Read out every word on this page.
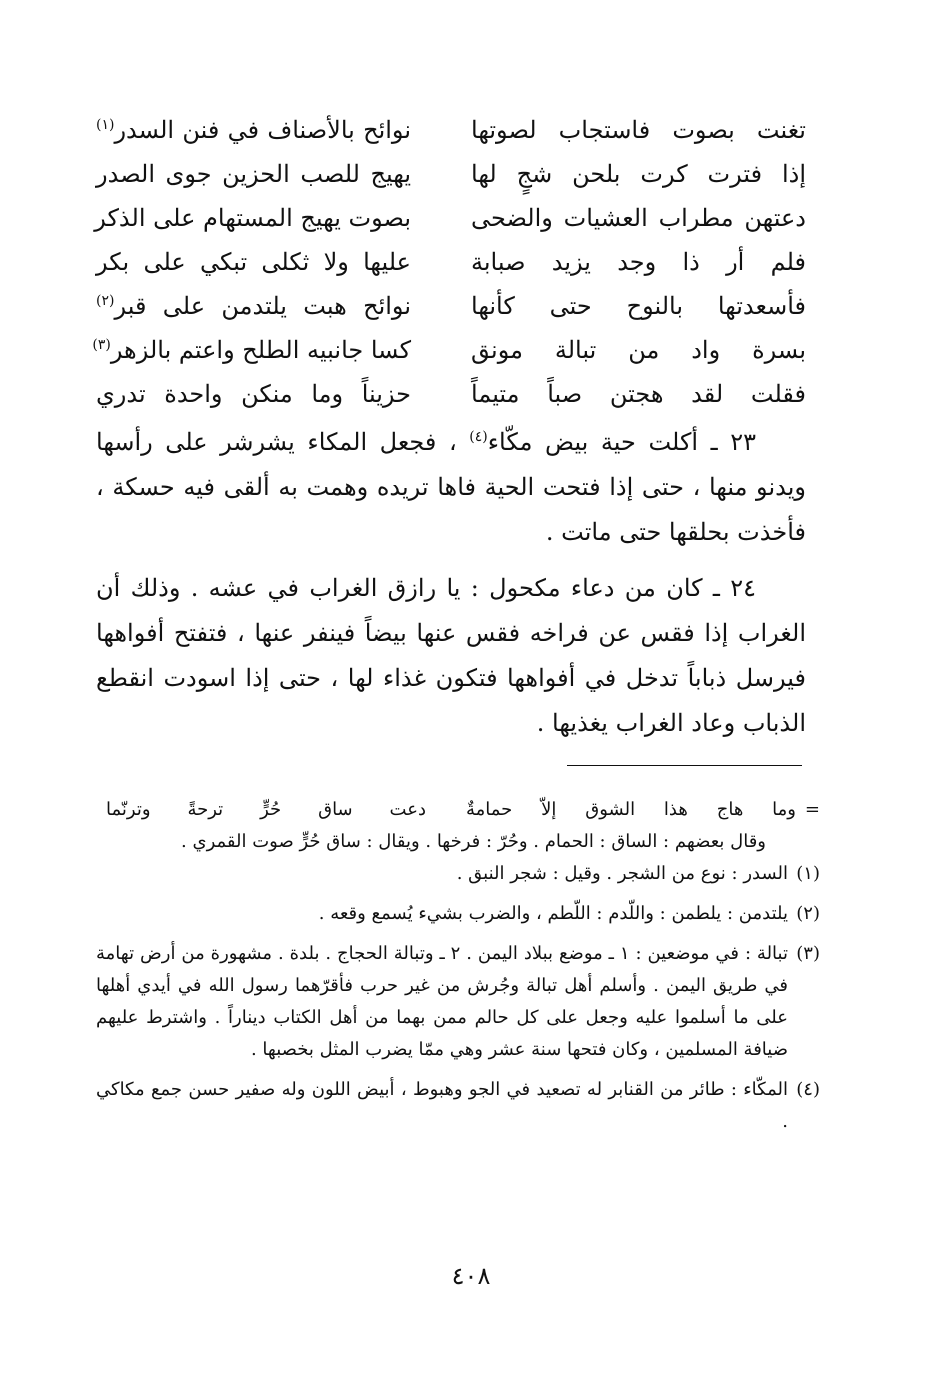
تغنت بصوت فاستجاب لصوتها
نوائح بالأصناف في فنن السدر$^{(١)}$
إذا فترت كرت بلحن شجٍ لها
يهيج للصب الحزين جوى الصدر
دعتهن مطراب العشيات والضحى
بصوت يهيج المستهام على الذكر
فلم أر ذا وجد يزيد صبابة
عليها ولا ثكلى تبكي على بكر
فأسعدتها بالنوح حتى كأنها
نوائح هبت يلتدمن على قبر$^{(٢)}$
بسرة واد من تبالة مونق
كسا جانبيه الطلح واعتم بالزهر$^{(٣)}$
فقلت لقد هجتن صباً متيماً
حزيناً وما منكن واحدة تدري

٢٣ ـ أكلت حية بيض مكّاء$^{(٤)}$ ، فجعل المكاء يشرشر على رأسها ويدنو منها ، حتى إذا فتحت الحية فاها تريده وهمت به ألقى فيه حسكة ، فأخذت بحلقها حتى ماتت .

٢٤ ـ كان من دعاء مكحول : يا رازق الغراب في عشه . وذلك أن الغراب إذا فقس عن فراخه فقس عنها بيضاً فينفر عنها ، فتفتح أفواهها فيرسل ذباباً تدخل في أفواهها فتكون غذاء لها ، حتى إذا اسودت انقطع الذباب وعاد الغراب يغذيها .

=
وما هاج هذا الشوق إلاّ حمامةٌ
دعت ساق حُرٍّ ترحةً وترنّما
وقال بعضهم : الساق : الحمام . وحُرّ : فرخها . ويقال : ساق حُرٍّ صوت القمري .
(١)
السدر : نوع من الشجر . وقيل : شجر النبق .
(٢)
يلتدمن : يلطمن : واللّدم : اللّطم ، والضرب بشيء يُسمع وقعه .
(٣)
تبالة : في موضعين : ١ ـ موضع ببلاد اليمن . ٢ ـ وتبالة الحجاج . بلدة . مشهورة من أرض تهامة في طريق اليمن . وأسلم أهل تبالة وجُرش من غير حرب فأقرّهما رسول الله في أيدي أهلها على ما أسلموا عليه وجعل على كل حالم ممن بهما من أهل الكتاب ديناراً . واشترط عليهم ضيافة المسلمين ، وكان فتحها سنة عشر وهي ممّا يضرب المثل بخصبها .
(٤)
المكّاء : طائر من القنابر له تصعيد في الجو وهبوط ، أبيض اللون وله صفير حسن جمع مكاكي .
٤٠٨
